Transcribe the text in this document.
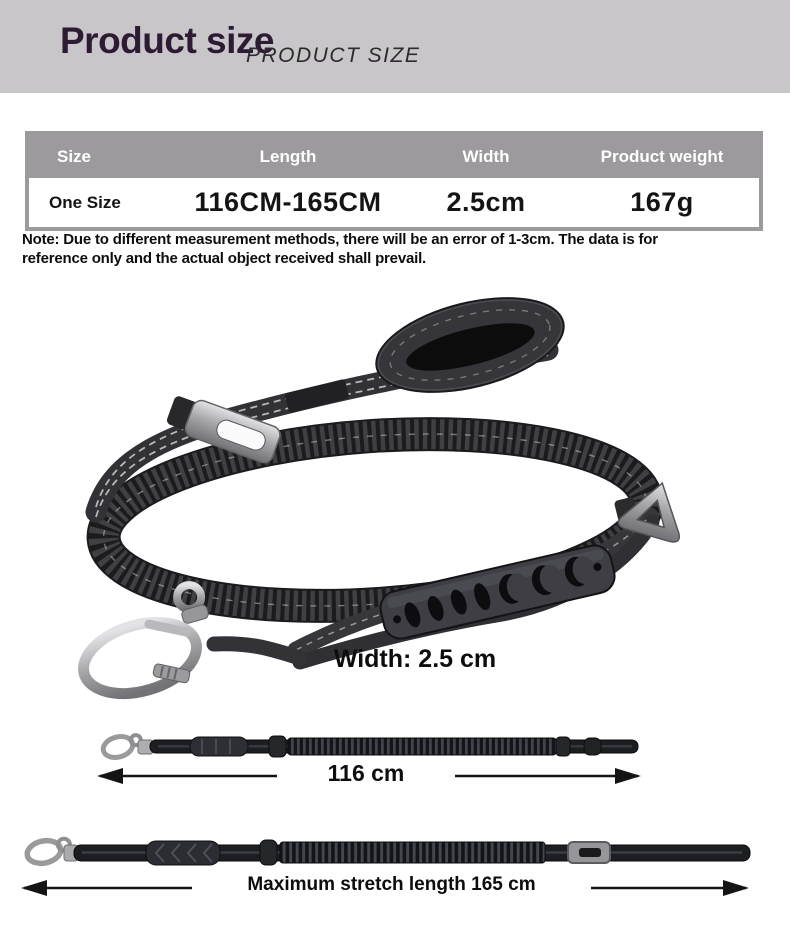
Product size
PRODUCT SIZE
Size	Length	Width	Product weight
One Size	116CM-165CM	2.5cm	167g
Note: Due to different measurement methods, there will be an error of 1-3cm. The data is for reference only and the actual object received shall prevail.
Width: 2.5 cm
116 cm
Maximum stretch length 165 cm
